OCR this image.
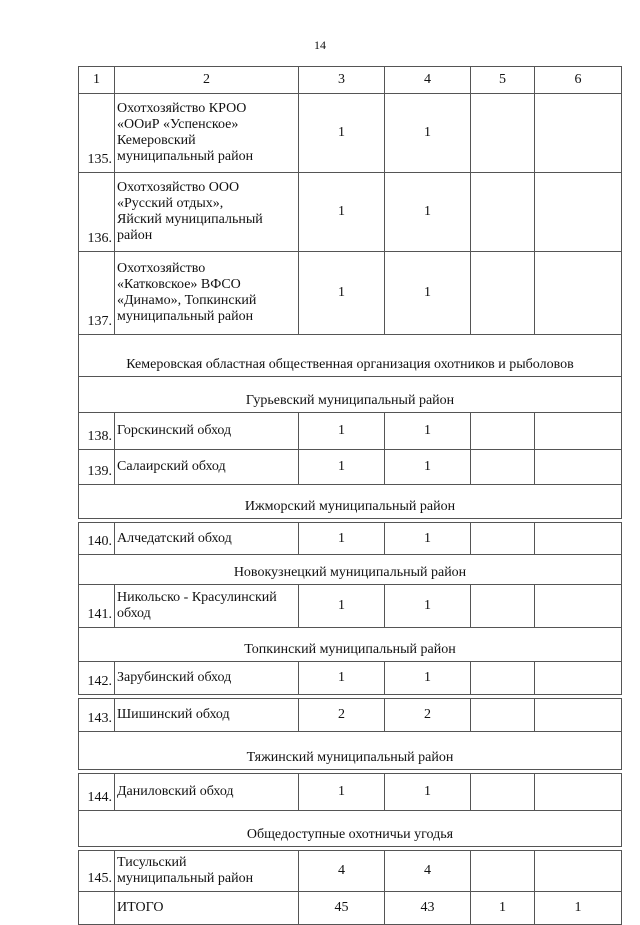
14
1	2	3	4	5	6
135.	Охотхозяйство КРОО
«ООиР «Успенское»
Кемеровский
муниципальный район	1	1		
136.	Охотхозяйство ООО
«Русский отдых»,
Яйский муниципальный
район	1	1		
137.	Охотхозяйство
«Катковское» ВФСО
«Динамо», Топкинский
муниципальный район	1	1		
Кемеровская областная общественная организация охотников и рыболовов					
Гурьевский муниципальный район					
138.	Горскинский обход	1	1		
139.	Салаирский обход	1	1		
Ижморский муниципальный район					

140.	Алчедатский обход	1	1		
Новокузнецкий муниципальный район					
141.	Никольско - Красулинский
обход	1	1		
Топкинский муниципальный район					
142.	Зарубинский обход	1	1		

143.	Шишинский обход	2	2		
Тяжинский муниципальный район					

144.	Даниловский обход	1	1		
Общедоступные охотничьи угодья					

145.	Тисульский
муниципальный район	4	4		

	ИТОГО	45	43	1	1
